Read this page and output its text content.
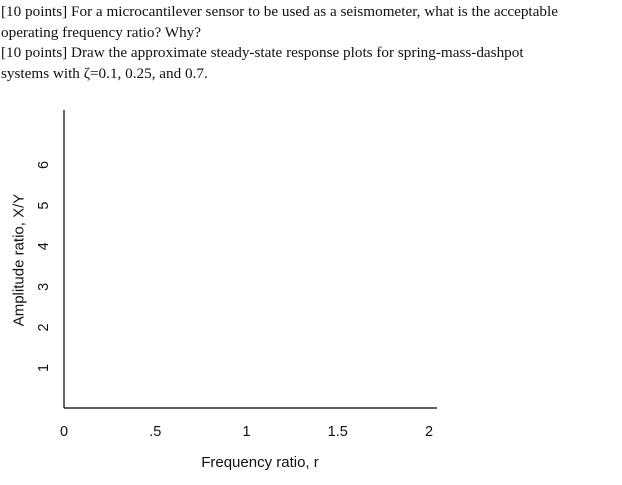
[10 points] For a microcantilever sensor to be used as a seismometer, what is the acceptable
operating frequency ratio? Why?
[10 points] Draw the approximate steady-state response plots for spring-mass-dashpot
systems with ζ=0.1, 0.25, and 0.7.
0	.5	1	1.5	2
1
2
3
4
5
6
Frequency ratio, r
Amplitude ratio, X/Y
